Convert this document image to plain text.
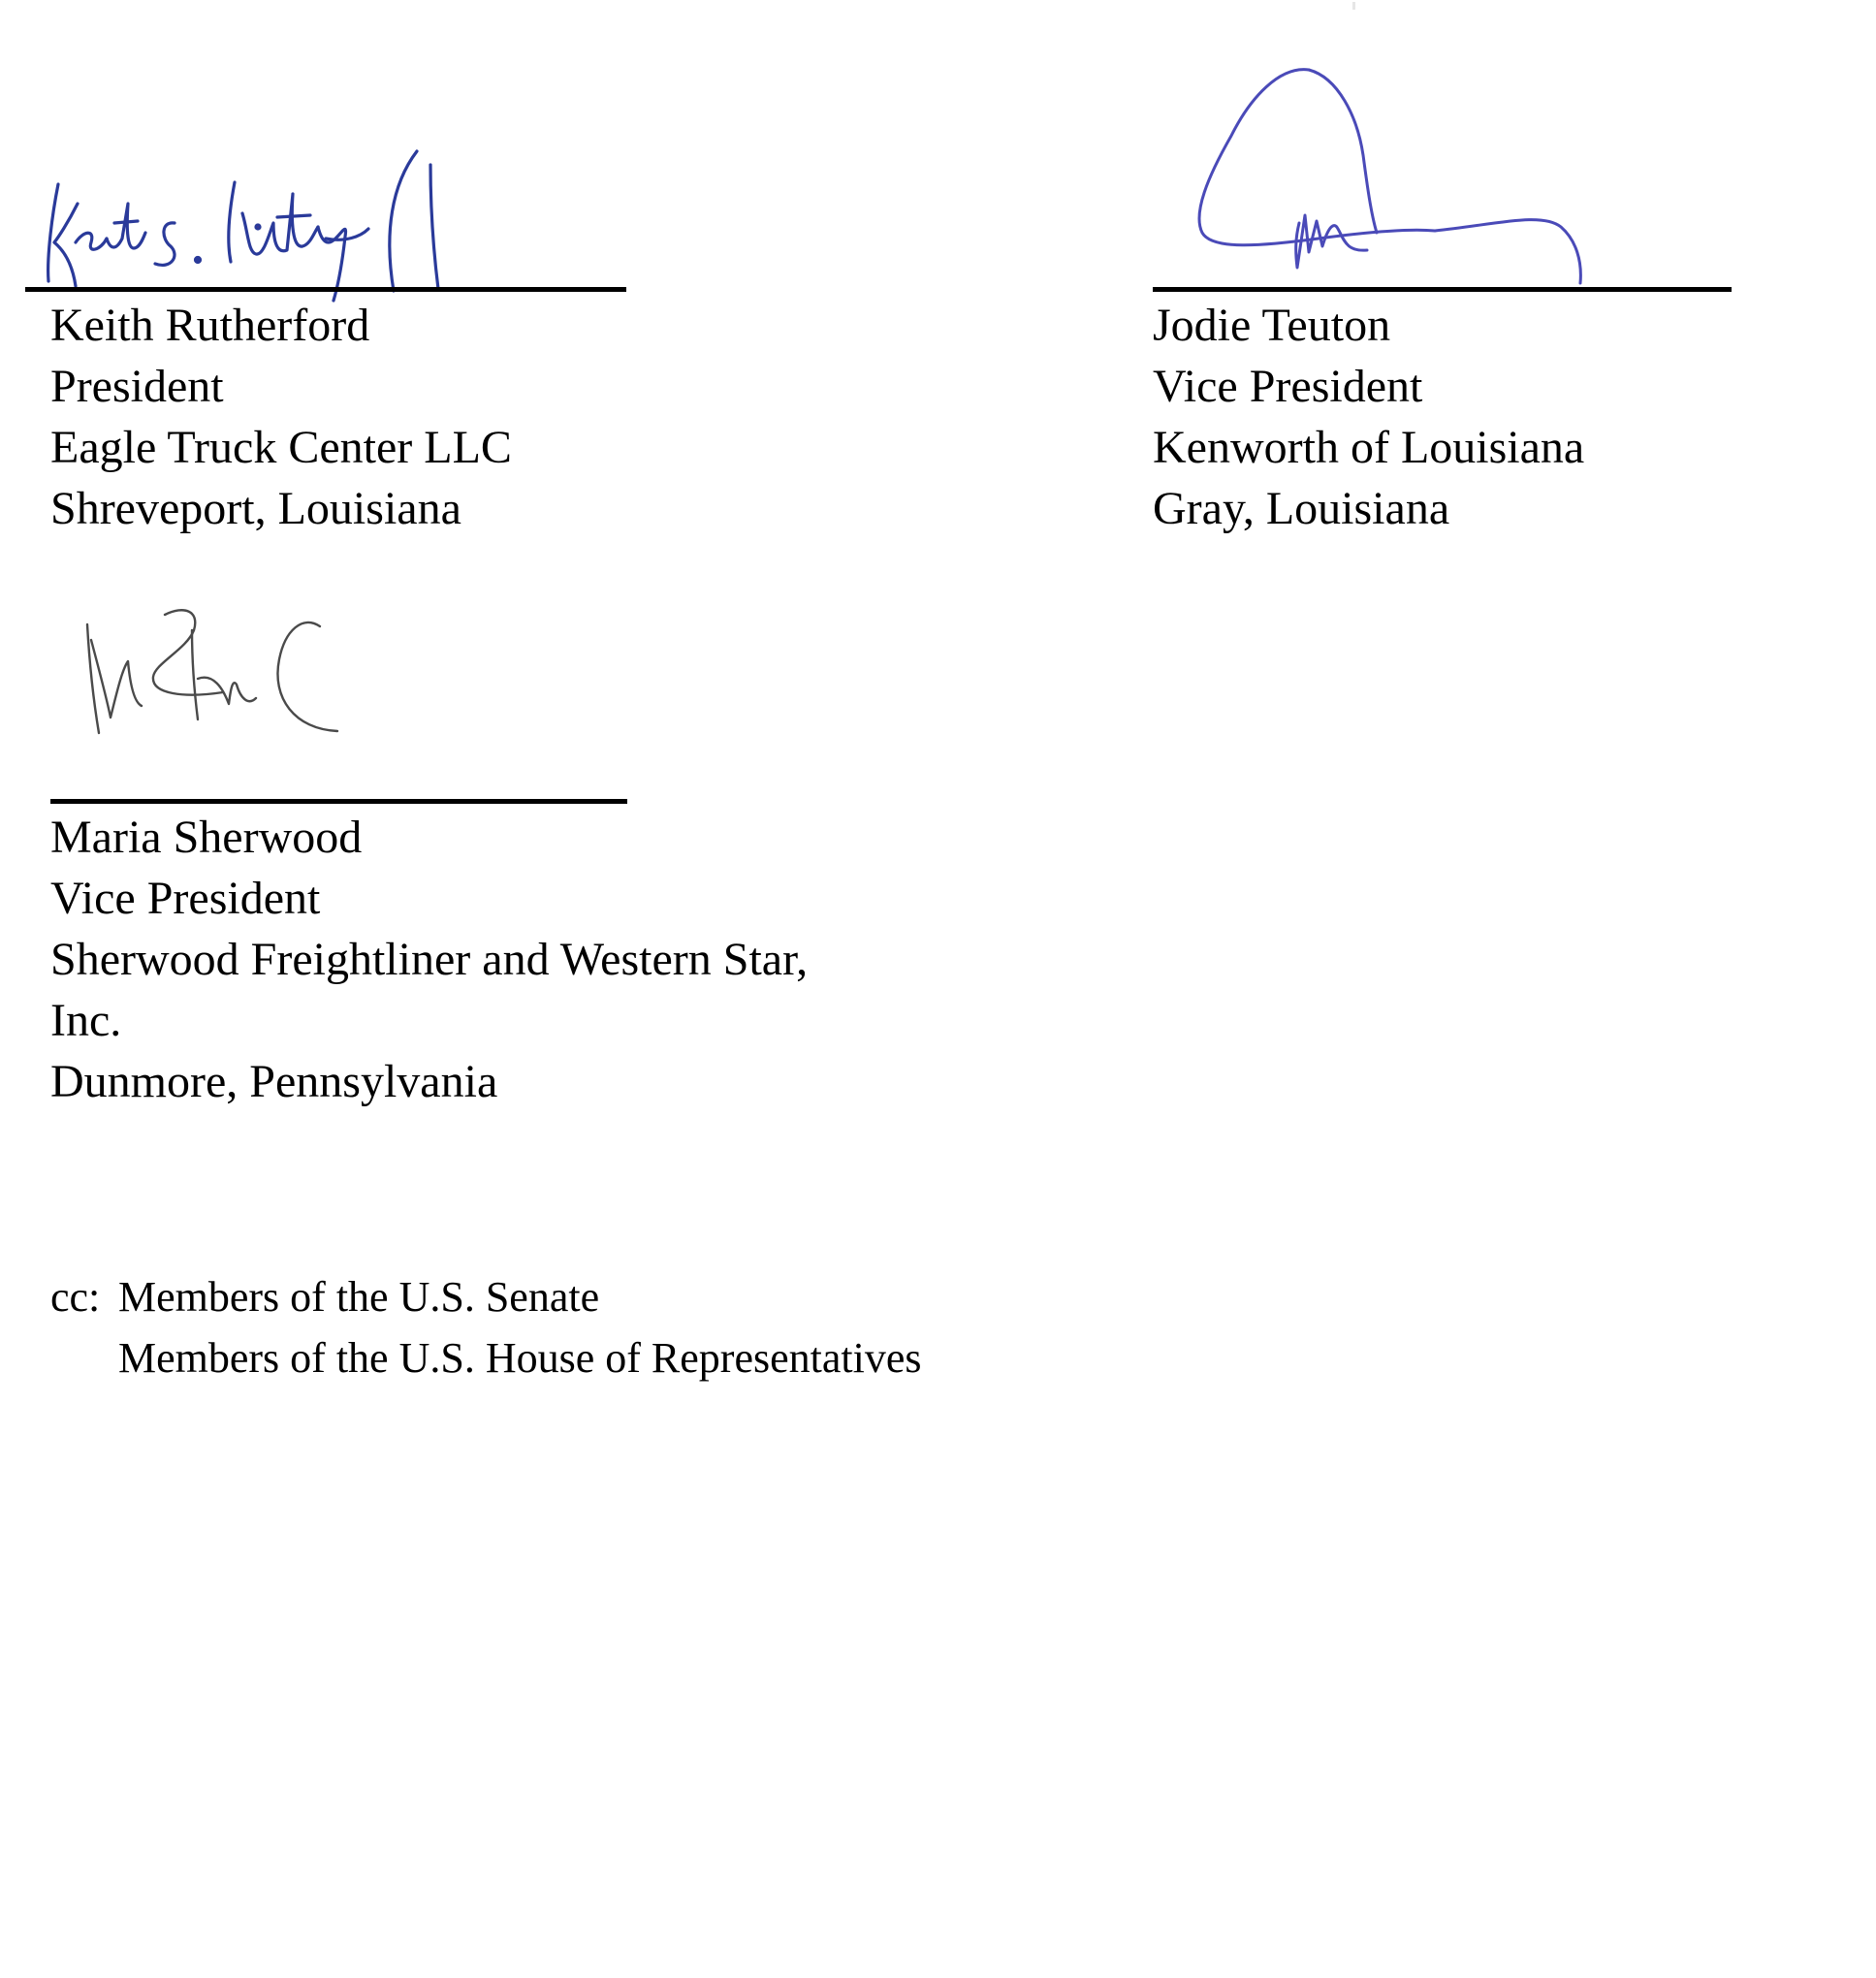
Keith Rutherford
President
Eagle Truck Center LLC
Shreveport, Louisiana
Jodie Teuton
Vice President
Kenworth of Louisiana
Gray, Louisiana
Maria Sherwood
Vice President
Sherwood Freightliner and Western Star,
Inc.
Dunmore, Pennsylvania
cc: Members of the U.S. Senate
Members of the U.S. House of Representatives
